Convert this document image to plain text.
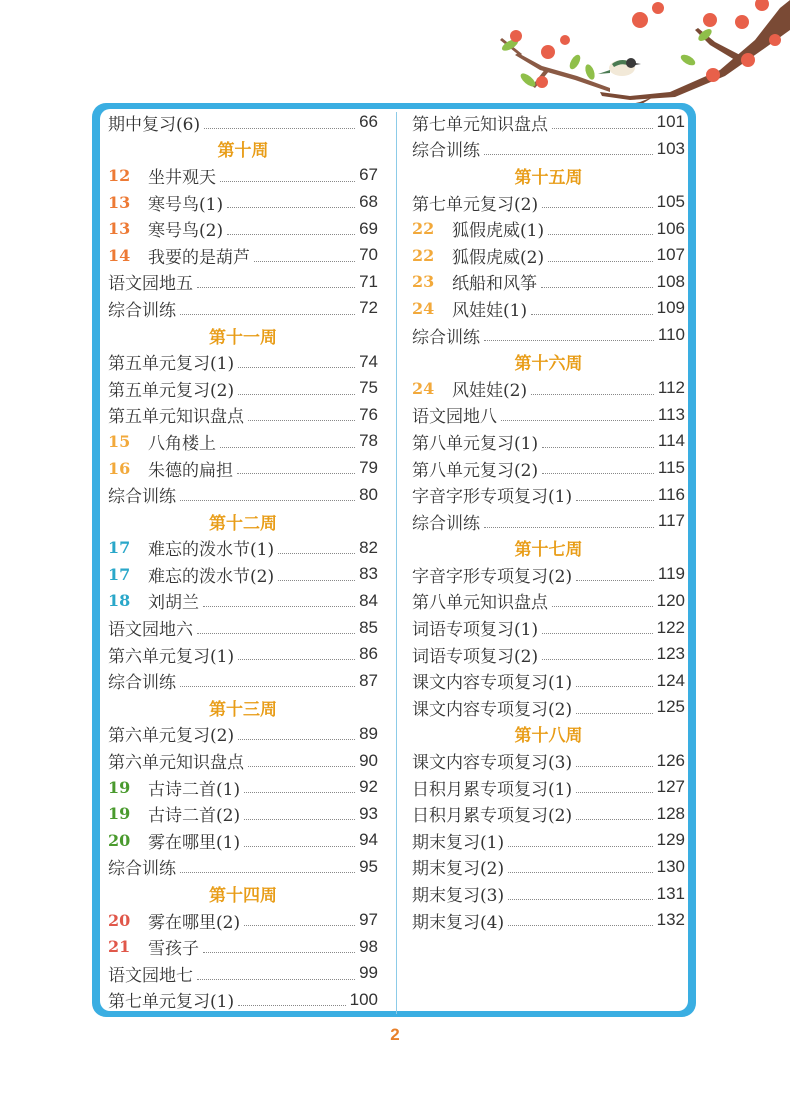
期中复习(6)	66
第十周
12	坐井观天	67
13	寒号鸟(1)	68
13	寒号鸟(2)	69
14	我要的是葫芦	70
语文园地五	71
综合训练	72
第十一周
第五单元复习(1)	74
第五单元复习(2)	75
第五单元知识盘点	76
15	八角楼上	78
16	朱德的扁担	79
综合训练	80
第十二周
17	难忘的泼水节(1)	82
17	难忘的泼水节(2)	83
18	刘胡兰	84
语文园地六	85
第六单元复习(1)	86
综合训练	87
第十三周
第六单元复习(2)	89
第六单元知识盘点	90
19	古诗二首(1)	92
19	古诗二首(2)	93
20	雾在哪里(1)	94
综合训练	95
第十四周
20	雾在哪里(2)	97
21	雪孩子	98
语文园地七	99
第七单元复习(1)	100
第七单元知识盘点	101
综合训练	103
第十五周
第七单元复习(2)	105
22	狐假虎威(1)	106
22	狐假虎威(2)	107
23	纸船和风筝	108
24	风娃娃(1)	109
综合训练	110
第十六周
24	风娃娃(2)	112
语文园地八	113
第八单元复习(1)	114
第八单元复习(2)	115
字音字形专项复习(1)	116
综合训练	117
第十七周
字音字形专项复习(2)	119
第八单元知识盘点	120
词语专项复习(1)	122
词语专项复习(2)	123
课文内容专项复习(1)	124
课文内容专项复习(2)	125
第十八周
课文内容专项复习(3)	126
日积月累专项复习(1)	127
日积月累专项复习(2)	128
期末复习(1)	129
期末复习(2)	130
期末复习(3)	131
期末复习(4)	132
2
